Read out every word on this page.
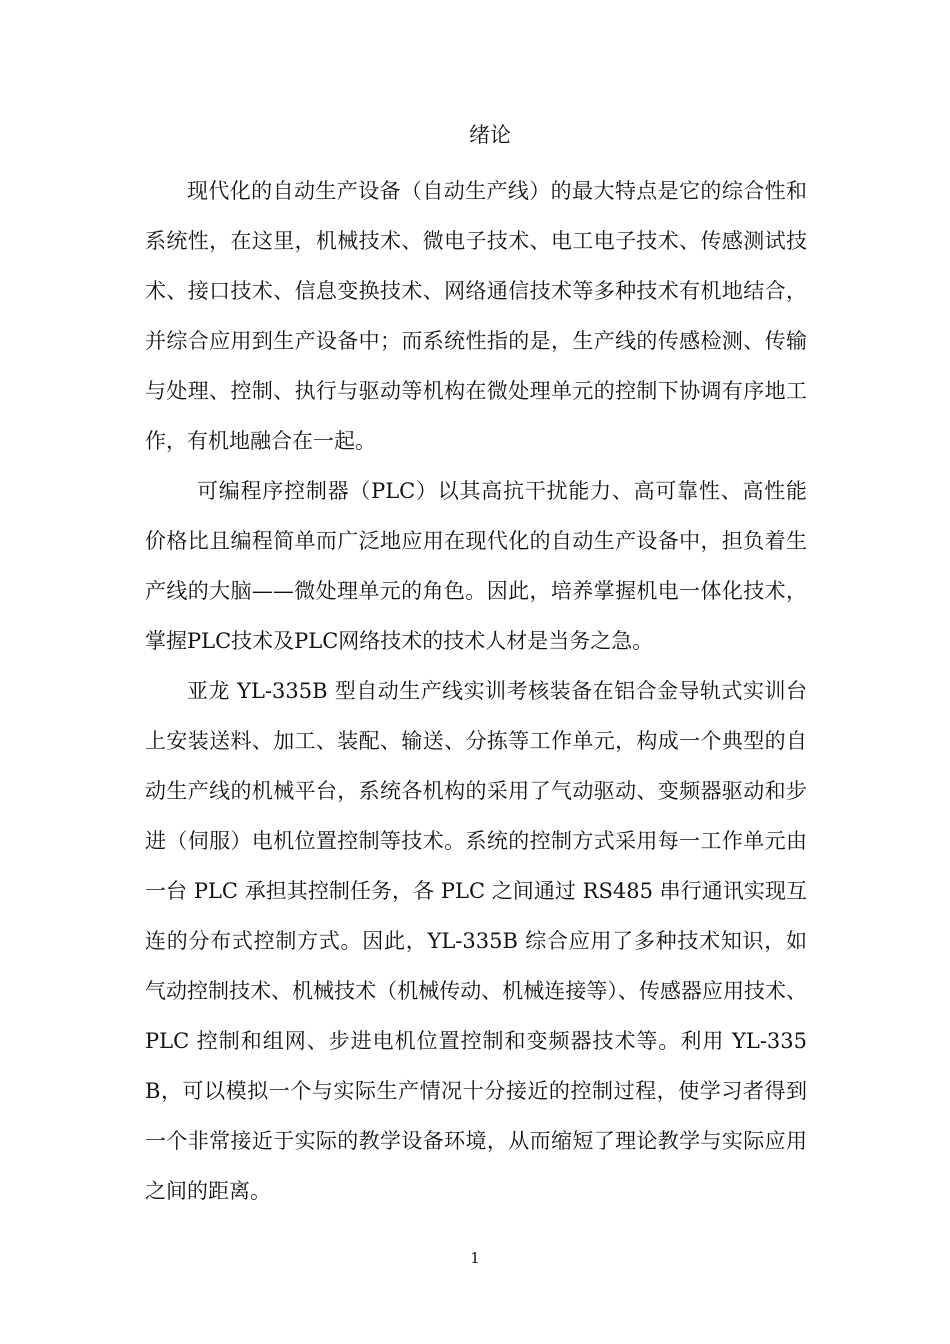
绪论

现代化的自动生产设备（自动生产线）的最大特点是它的综合性和系统性，在这里，机械技术、微电子技术、电工电子技术、传感测试技术、接口技术、信息变换技术、网络通信技术等多种技术有机地结合，并综合应用到生产设备中；而系统性指的是，生产线的传感检测、传输与处理、控制、执行与驱动等机构在微处理单元的控制下协调有序地工作，有机地融合在一起。

可编程序控制器（PLC）以其高抗干扰能力、高可靠性、高性能价格比且编程简单而广泛地应用在现代化的自动生产设备中，担负着生产线的大脑——微处理单元的角色。因此，培养掌握机电一体化技术，掌握PLC技术及PLC网络技术的技术人材是当务之急。

亚龙 YL-335B 型自动生产线实训考核装备在铝合金导轨式实训台上安装送料、加工、装配、输送、分拣等工作单元，构成一个典型的自动生产线的机械平台，系统各机构的采用了气动驱动、变频器驱动和步进（伺服）电机位置控制等技术。系统的控制方式采用每一工作单元由一台 PLC 承担其控制任务，各 PLC 之间通过 RS485 串行通讯实现互连的分布式控制方式。因此，YL-335B 综合应用了多种技术知识，如气动控制技术、机械技术（机械传动、机械连接等）、传感器应用技术、PLC 控制和组网、步进电机位置控制和变频器技术等。利用 YL-335B，可以模拟一个与实际生产情况十分接近的控制过程，使学习者得到一个非常接近于实际的教学设备环境，从而缩短了理论教学与实际应用之间的距离。

1
